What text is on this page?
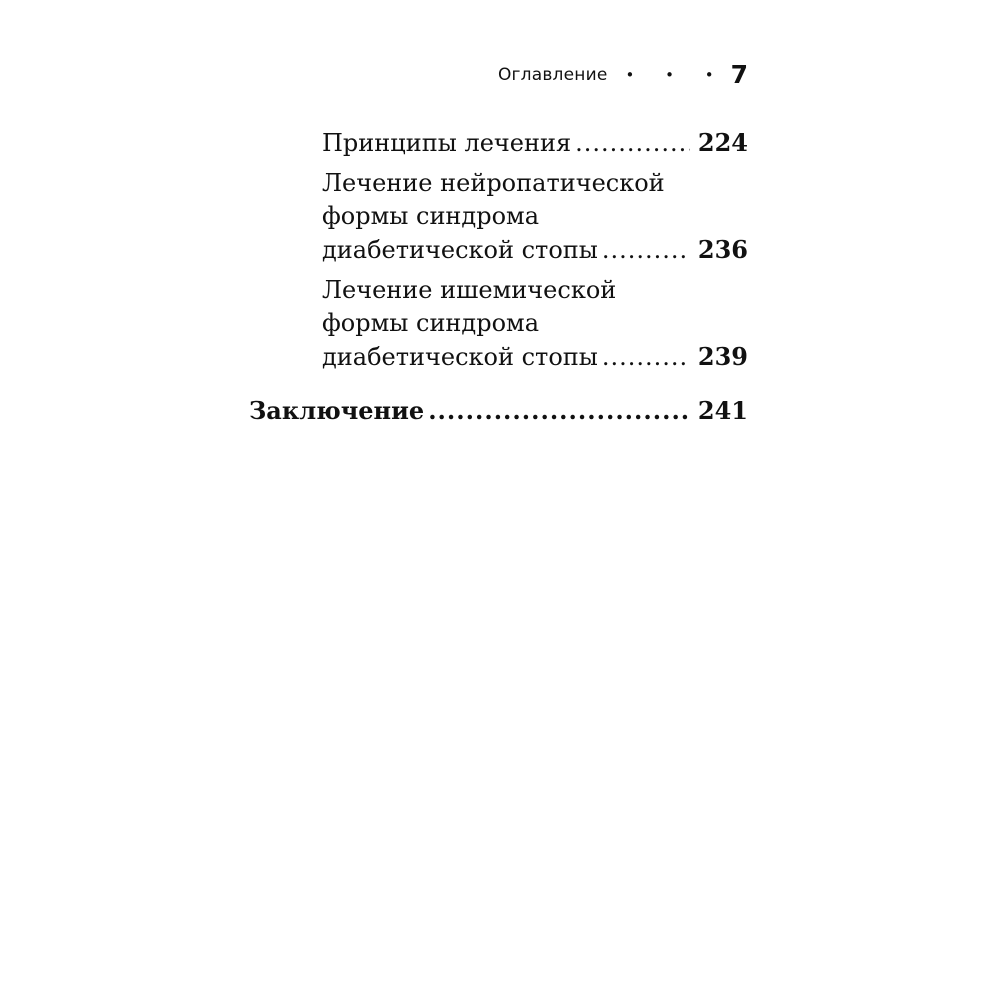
Оглавление • • • 7
Принципы лечения .....	224
Лечение нейропатической
формы синдрома
диабетической стопы .....	236
Лечение ишемической
формы синдрома
диабетической стопы .....	239
Заключение .....	241
